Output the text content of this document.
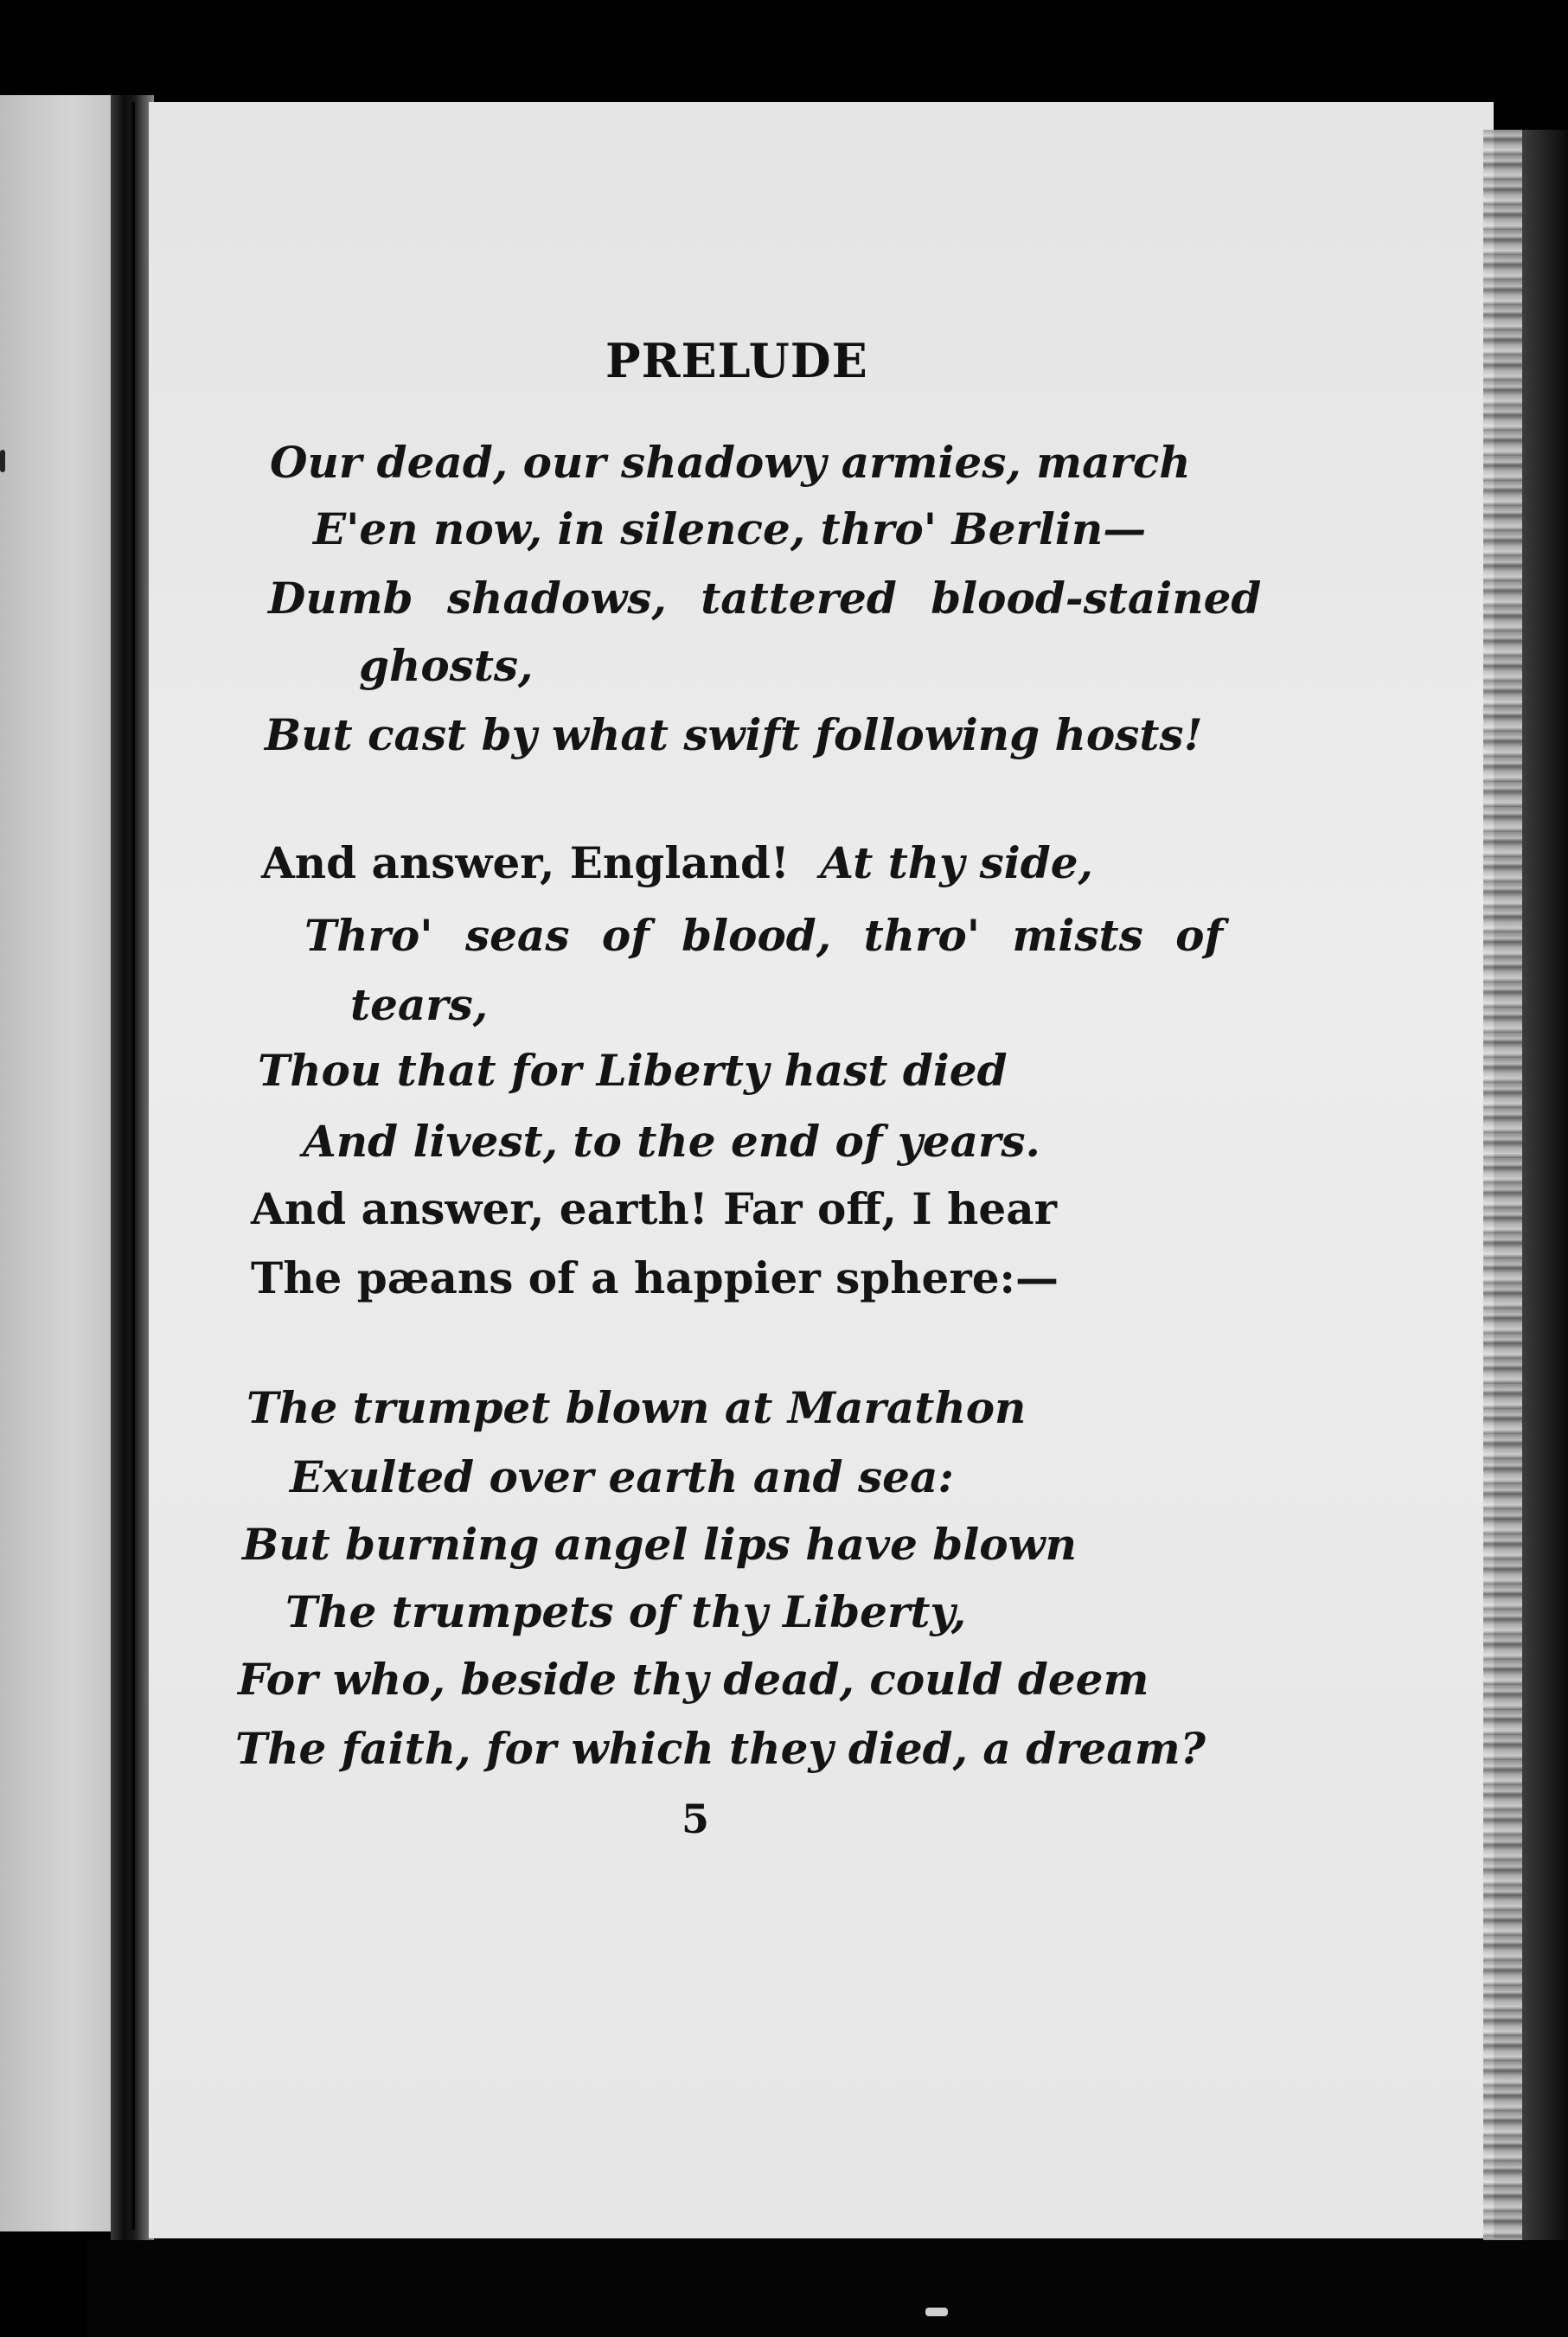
PRELUDE
Our dead, our shadowy armies, march
E'en now, in silence, thro' Berlin—
Dumb shadows, tattered blood-stained
ghosts,
But cast by what swift following hosts!
And answer, England! At thy side,
Thro' seas of blood, thro' mists of
tears,
Thou that for Liberty hast died
And livest, to the end of years.
And answer, earth! Far off, I hear
The pæans of a happier sphere:—
The trumpet blown at Marathon
Exulted over earth and sea:
But burning angel lips have blown
The trumpets of thy Liberty,
For who, beside thy dead, could deem
The faith, for which they died, a dream?
5
